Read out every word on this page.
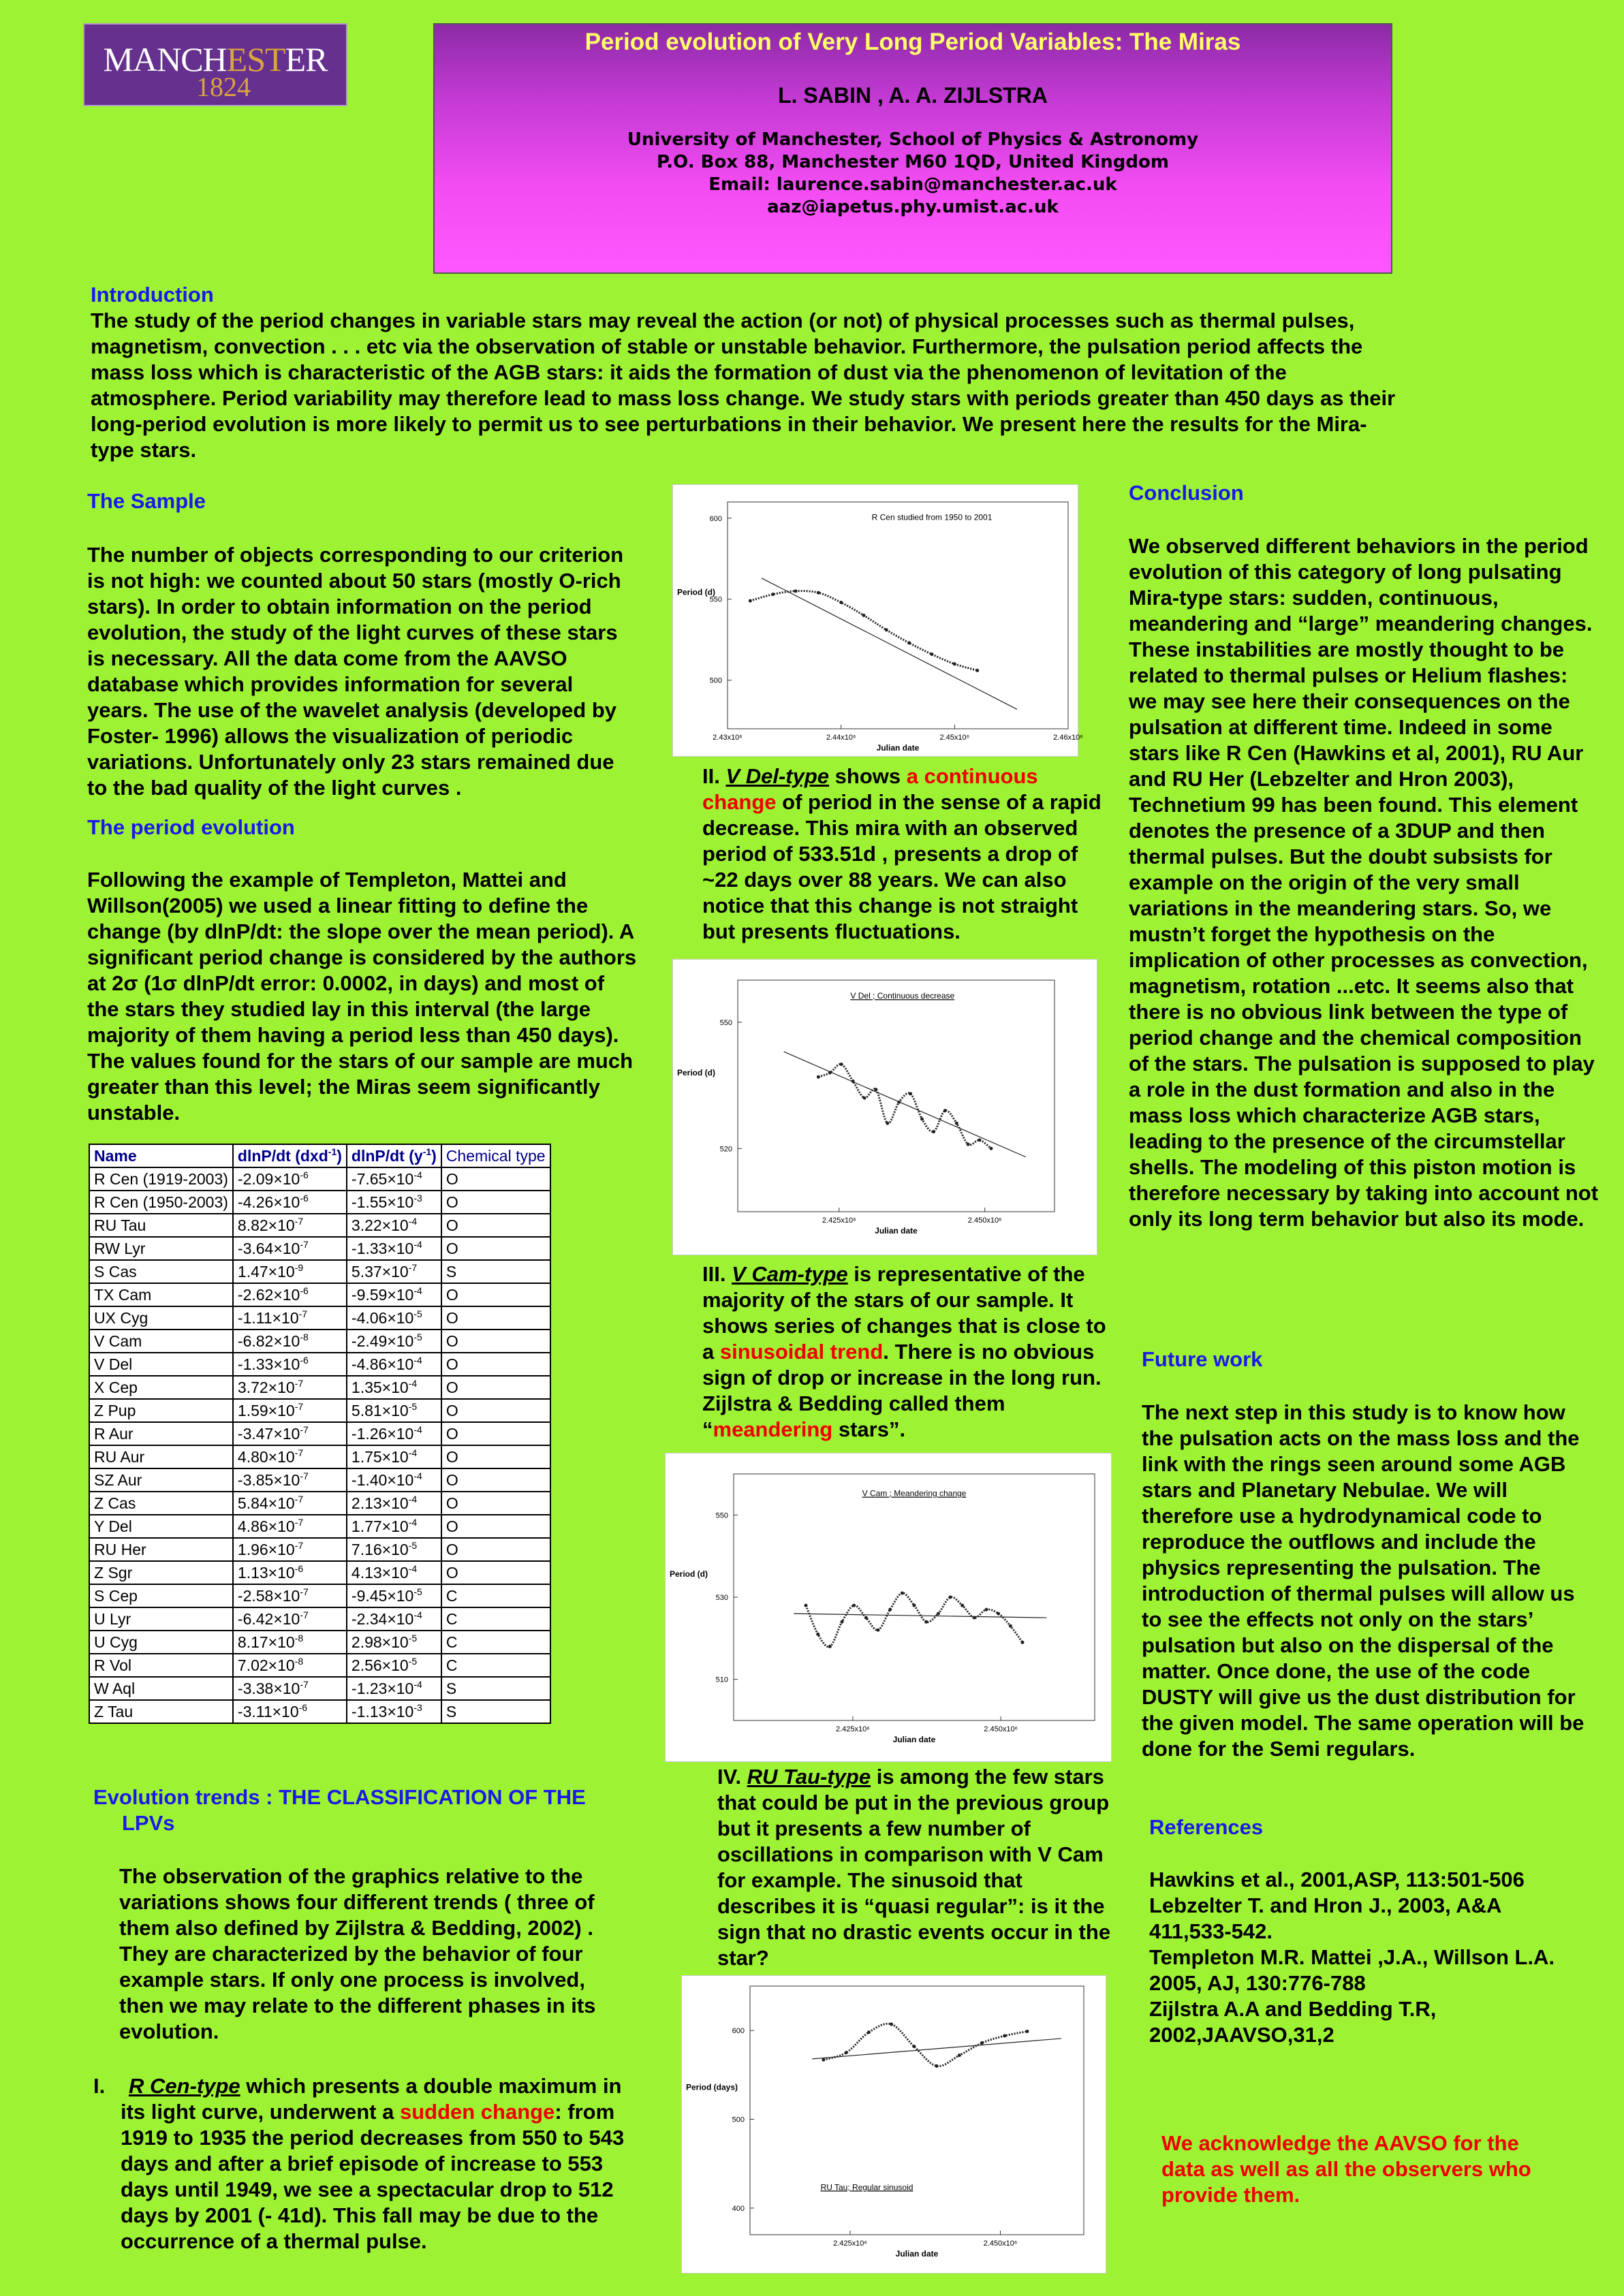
MANCHESTER
1824
Period evolution of Very Long Period Variables: The Miras
L. SABIN , A. A. ZIJLSTRA
University of Manchester, School of Physics & Astronomy
P.O. Box 88, Manchester M60 1QD, United Kingdom
Email: laurence.sabin@manchester.ac.uk
aaz@iapetus.phy.umist.ac.uk
Introduction
The study of the period changes in variable stars may reveal the action (or not) of physical processes such as thermal pulses, magnetism, convection . . . etc via the observation of stable or unstable behavior. Furthermore, the pulsation period affects the mass loss which is characteristic of the AGB stars: it aids the formation of dust via the phenomenon of levitation of the atmosphere. Period variability may therefore lead to mass loss change. We study stars with periods greater than 450 days as their long-period evolution is more likely to permit us to see perturbations in their behavior. We present here the results for the Mira-type stars.
The Sample
The number of objects corresponding to our criterion is not high: we counted about 50 stars (mostly O-rich stars). In order to obtain information on the period evolution, the study of the light curves of these stars is necessary. All the data come from the AAVSO database which provides information for several years. The use of the wavelet analysis (developed by Foster- 1996) allows the visualization of periodic variations. Unfortunately only 23 stars remained due to the bad quality of the light curves .
The period evolution
Following the example of Templeton, Mattei and Willson(2005) we used a linear fitting to define the change (by dlnP/dt: the slope over the mean period). A significant period change is considered by the authors at 2σ (1σ dlnP/dt error: 0.0002, in days) and most of the stars they studied lay in this interval (the large majority of them having a period less than 450 days). The values found for the stars of our sample are much greater than this level; the Miras seem significantly unstable.
Name	dlnP/dt (dxd$^{-1}$)	dlnP/dt $(y^{-1})$	Chemical type
R Cen (1919-2003)	$-2.09\times 10^{-6}$	$-7.65\times 10^{-4}$	O
R Cen (1950-2003)	$-4.26\times 10^{-6}$	$-1.55\times 10^{-3}$	O
RU Tau	$8.82\times 10^{-7}$	$3.22\times 10^{-4}$	O
RW Lyr	$-3.64\times 10^{-7}$	$-1.33\times 10^{-4}$	O
S Cas	$1.47\times 10^{-9}$	$5.37\times 10^{-7}$	S
TX Cam	$-2.62\times 10^{-6}$	$-9.59\times 10^{-4}$	O
UX Cyg	$-1.11\times 10^{-7}$	$-4.06\times 10^{-5}$	O
V Cam	$-6.82\times 10^{-8}$	$-2.49\times 10^{-5}$	O
V Del	$-1.33\times 10^{-6}$	$-4.86\times 10^{-4}$	O
X Cep	$3.72\times 10^{-7}$	$1.35\times 10^{-4}$	O
Z Pup	$1.59\times 10^{-7}$	$5.81\times 10^{-5}$	O
R Aur	$-3.47\times 10^{-7}$	$-1.26\times 10^{-4}$	O
RU Aur	$4.80\times 10^{-7}$	$1.75\times 10^{-4}$	O
SZ Aur	$-3.85\times 10^{-7}$	$-1.40\times 10^{-4}$	O
Z Cas	$5.84\times 10^{-7}$	$2.13\times 10^{-4}$	O
Y Del	$4.86\times 10^{-7}$	$1.77\times 10^{-4}$	O
RU Her	$1.96\times 10^{-7}$	$7.16\times 10^{-5}$	O
Z Sgr	$1.13\times 10^{-6}$	$4.13\times 10^{-4}$	O
S Cep	$-2.58\times 10^{-7}$	$-9.45\times 10^{-5}$	C
U Lyr	$-6.42\times 10^{-7}$	$-2.34\times 10^{-4}$	C
U Cyg	$8.17\times 10^{-8}$	$2.98\times 10^{-5}$	C
R Vol	$7.02\times 10^{-8}$	$2.56\times 10^{-5}$	C
W Aql	$-3.38\times 10^{-7}$	$-1.23\times 10^{-4}$	S
Z Tau	$-3.11\times 10^{-6}$	$-1.13\times 10^{-3}$	S
Evolution trends : THE CLASSIFICATION OF THE
LPVs
The observation of the graphics relative to the variations shows four different trends ( three of them also defined by Zijlstra & Bedding, 2002) . They are characterized by the behavior of four example stars. If only one process is involved, then we may relate to the different phases in its evolution.
I.	R Cen-type which presents a double maximum in its light curve, underwent a sudden change: from 1919 to 1935 the period decreases from 550 to 543 days and after a brief episode of increase to 553 days until 1949, we see a spectacular drop to 512 days by 2001 (- 41d). This fall may be due to the occurrence of a thermal pulse.
600
550
500
2.43x10⁶	2.44x10⁶	2.45x10⁶	2.46x10⁶
Julian date
Period (d)
R Cen studied from 1950 to 2001
550
520
2.425x10⁶	2.450x10⁶
Julian date
Period (d)
V Del ; Continuous decrease
550
530
510
2.425x10⁶	2.450x10⁶
Julian date
Period (d)
V Cam ; Meandering change
600
500
400
2.425x10⁶	2.450x10⁶
Julian date
Period (days)
RU Tau; Regular sinusoid
II. V Del-type shows a continuous change of period in the sense of a rapid decrease. This mira with an observed period of 533.51d , presents a drop of ~22 days over 88 years. We can also notice that this change is not straight but presents fluctuations.
III. V Cam-type is representative of the majority of the stars of our sample. It shows series of changes that is close to a sinusoidal trend. There is no obvious sign of drop or increase in the long run. Zijlstra & Bedding called them “meandering stars”.
IV. RU Tau-type is among the few stars that could be put in the previous group but it presents a few number of oscillations in comparison with V Cam for example. The sinusoid that describes it is “quasi regular”: is it the sign that no drastic events occur in the star?
Conclusion
We observed different behaviors in the period evolution of this category of long pulsating Mira-type stars: sudden, continuous, meandering and “large” meandering changes. These instabilities are mostly thought to be related to thermal pulses or Helium flashes: we may see here their consequences on the pulsation at different time. Indeed in some stars like R Cen (Hawkins et al, 2001), RU Aur and RU Her (Lebzelter and Hron 2003), Technetium 99 has been found. This element denotes the presence of a 3DUP and then thermal pulses. But the doubt subsists for example on the origin of the very small variations in the meandering stars. So, we mustn’t forget the hypothesis on the implication of other processes as convection, magnetism, rotation ...etc. It seems also that there is no obvious link between the type of period change and the chemical composition of the stars. The pulsation is supposed to play a role in the dust formation and also in the mass loss which characterize AGB stars, leading to the presence of the circumstellar shells. The modeling of this piston motion is therefore necessary by taking into account not only its long term behavior but also its mode.
Future work
The next step in this study is to know how the pulsation acts on the mass loss and the link with the rings seen around some AGB stars and Planetary Nebulae. We will therefore use a hydrodynamical code to reproduce the outflows and include the physics representing the pulsation. The introduction of thermal pulses will allow us to see the effects not only on the stars’ pulsation but also on the dispersal of the matter. Once done, the use of the code DUSTY will give us the dust distribution for the given model. The same operation will be done for the Semi regulars.
References
Hawkins et al., 2001,ASP, 113:501-506
Lebzelter T. and Hron J., 2003, A&A 411,533-542.
Templeton M.R. Mattei ,J.A., Willson L.A. 2005, AJ, 130:776-788
Zijlstra A.A and Bedding T.R, 2002,JAAVSO,31,2
We acknowledge the AAVSO for the data as well as all the observers who provide them.
